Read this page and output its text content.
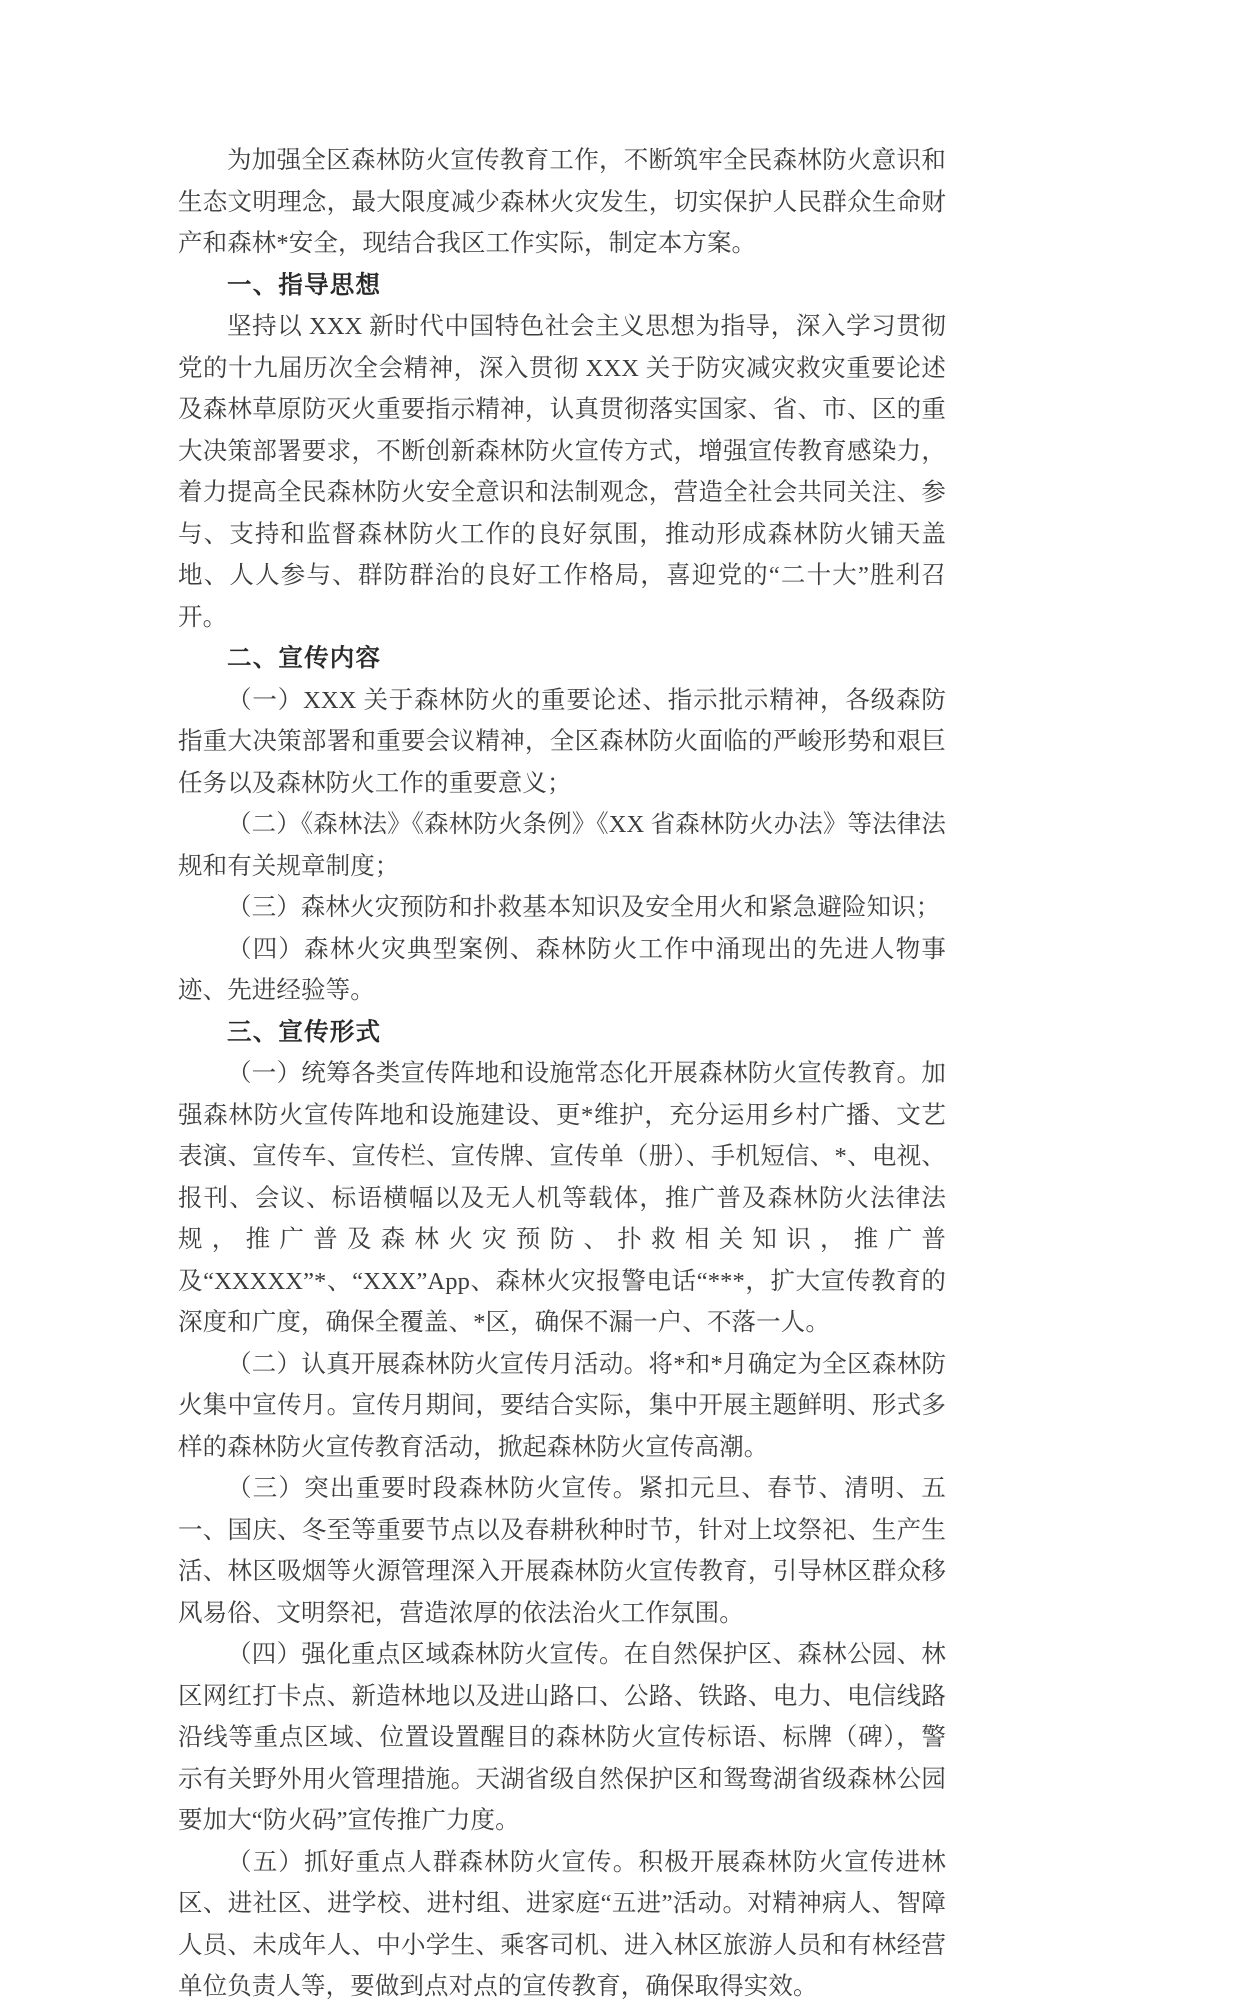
为加强全区森林防火宣传教育工作，不断筑牢全民森林防火意识和生态文明理念，最大限度减少森林火灾发生，切实保护人民群众生命财产和森林*安全，现结合我区工作实际，制定本方案。

一、指导思想

坚持以 XXX 新时代中国特色社会主义思想为指导，深入学习贯彻党的十九届历次全会精神，深入贯彻 XXX 关于防灾减灾救灾重要论述及森林草原防灭火重要指示精神，认真贯彻落实国家、省、市、区的重大决策部署要求，不断创新森林防火宣传方式，增强宣传教育感染力，着力提高全民森林防火安全意识和法制观念，营造全社会共同关注、参与、支持和监督森林防火工作的良好氛围，推动形成森林防火铺天盖地、人人参与、群防群治的良好工作格局，喜迎党的“二十大”胜利召开。

二、宣传内容

（一）XXX 关于森林防火的重要论述、指示批示精神，各级森防指重大决策部署和重要会议精神，全区森林防火面临的严峻形势和艰巨任务以及森林防火工作的重要意义；

（二）《森林法》《森林防火条例》《XX 省森林防火办法》等法律法规和有关规章制度；

（三）森林火灾预防和扑救基本知识及安全用火和紧急避险知识；

（四）森林火灾典型案例、森林防火工作中涌现出的先进人物事迹、先进经验等。

三、宣传形式

（一）统筹各类宣传阵地和设施常态化开展森林防火宣传教育。加强森林防火宣传阵地和设施建设、更*维护，充分运用乡村广播、文艺表演、宣传车、宣传栏、宣传牌、宣传单（册）、手机短信、*、电视、报刊、会议、标语横幅以及无人机等载体，推广普及森林防火法律法规，推广普及森林火灾预防、扑救相关知识，推广普及“XXXXX”*、“XXX”App、森林火灾报警电话“***，扩大宣传教育的深度和广度，确保全覆盖、*区，确保不漏一户、不落一人。

（二）认真开展森林防火宣传月活动。将*和*月确定为全区森林防火集中宣传月。宣传月期间，要结合实际，集中开展主题鲜明、形式多样的森林防火宣传教育活动，掀起森林防火宣传高潮。

（三）突出重要时段森林防火宣传。紧扣元旦、春节、清明、五一、国庆、冬至等重要节点以及春耕秋种时节，针对上坟祭祀、生产生活、林区吸烟等火源管理深入开展森林防火宣传教育，引导林区群众移风易俗、文明祭祀，营造浓厚的依法治火工作氛围。

（四）强化重点区域森林防火宣传。在自然保护区、森林公园、林区网红打卡点、新造林地以及进山路口、公路、铁路、电力、电信线路沿线等重点区域、位置设置醒目的森林防火宣传标语、标牌（碑），警示有关野外用火管理措施。天湖省级自然保护区和鸳鸯湖省级森林公园要加大“防火码”宣传推广力度。

（五）抓好重点人群森林防火宣传。积极开展森林防火宣传进林区、进社区、进学校、进村组、进家庭“五进”活动。对精神病人、智障人员、未成年人、中小学生、乘客司机、进入林区旅游人员和有林经营单位负责人等，要做到点对点的宣传教育，确保取得实效。
